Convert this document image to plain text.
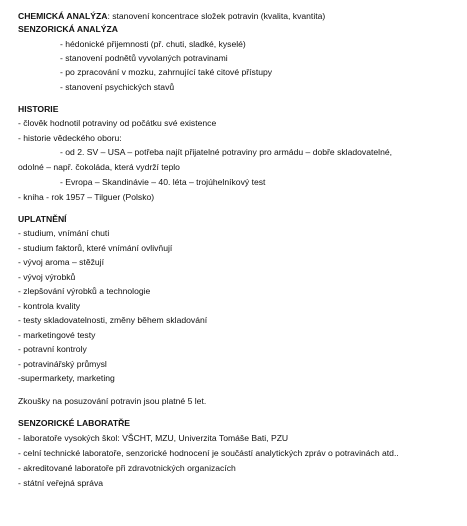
CHEMICKÁ ANALÝZA: stanovení koncentrace složek potravin (kvalita, kvantita)
SENZORICKÁ ANALÝZA
- hédonické přijemnosti (př. chuti, sladké, kyselé)
- stanovení podnětů vyvolaných potravinami
- po zpracování v mozku, zahrnující také citové přístupy
- stanovení psychických stavů
HISTORIE
- člověk hodnotil potraviny od počátku své existence
- historie vědeckého oboru:
- od 2. SV – USA – potřeba najít přijatelné potraviny pro armádu – dobře skladovatelné,
odolné – např. čokoláda, která vydrží teplo
- Evropa – Skandinávie – 40. léta – trojúhelníkový test
- kniha - rok 1957 – Tilguer (Polsko)
UPLATNĚNÍ
- studium, vnímání chuti
- studium faktorů, které vnímání ovlivňují
- vývoj aroma – stěžují
- vývoj výrobků
- zlepšování výrobků a technologie
- kontrola kvality
- testy skladovatelnosti, změny během skladování
- marketingové testy
- potravní kontroly
- potravinářský průmysl
-supermarkety, marketing
Zkoušky na posuzování potravin jsou platné 5 let.
SENZORICKÉ LABORATŘE
- laboratoře vysokých škol: VŠCHT, MZU, Univerzita Tomáše Bati, PZU
- celní technické laboratoře, senzorické hodnocení je součástí analytických zpráv o potravinách atd..
- akreditované laboratoře při zdravotnických organizacích
- státní veřejná správa
